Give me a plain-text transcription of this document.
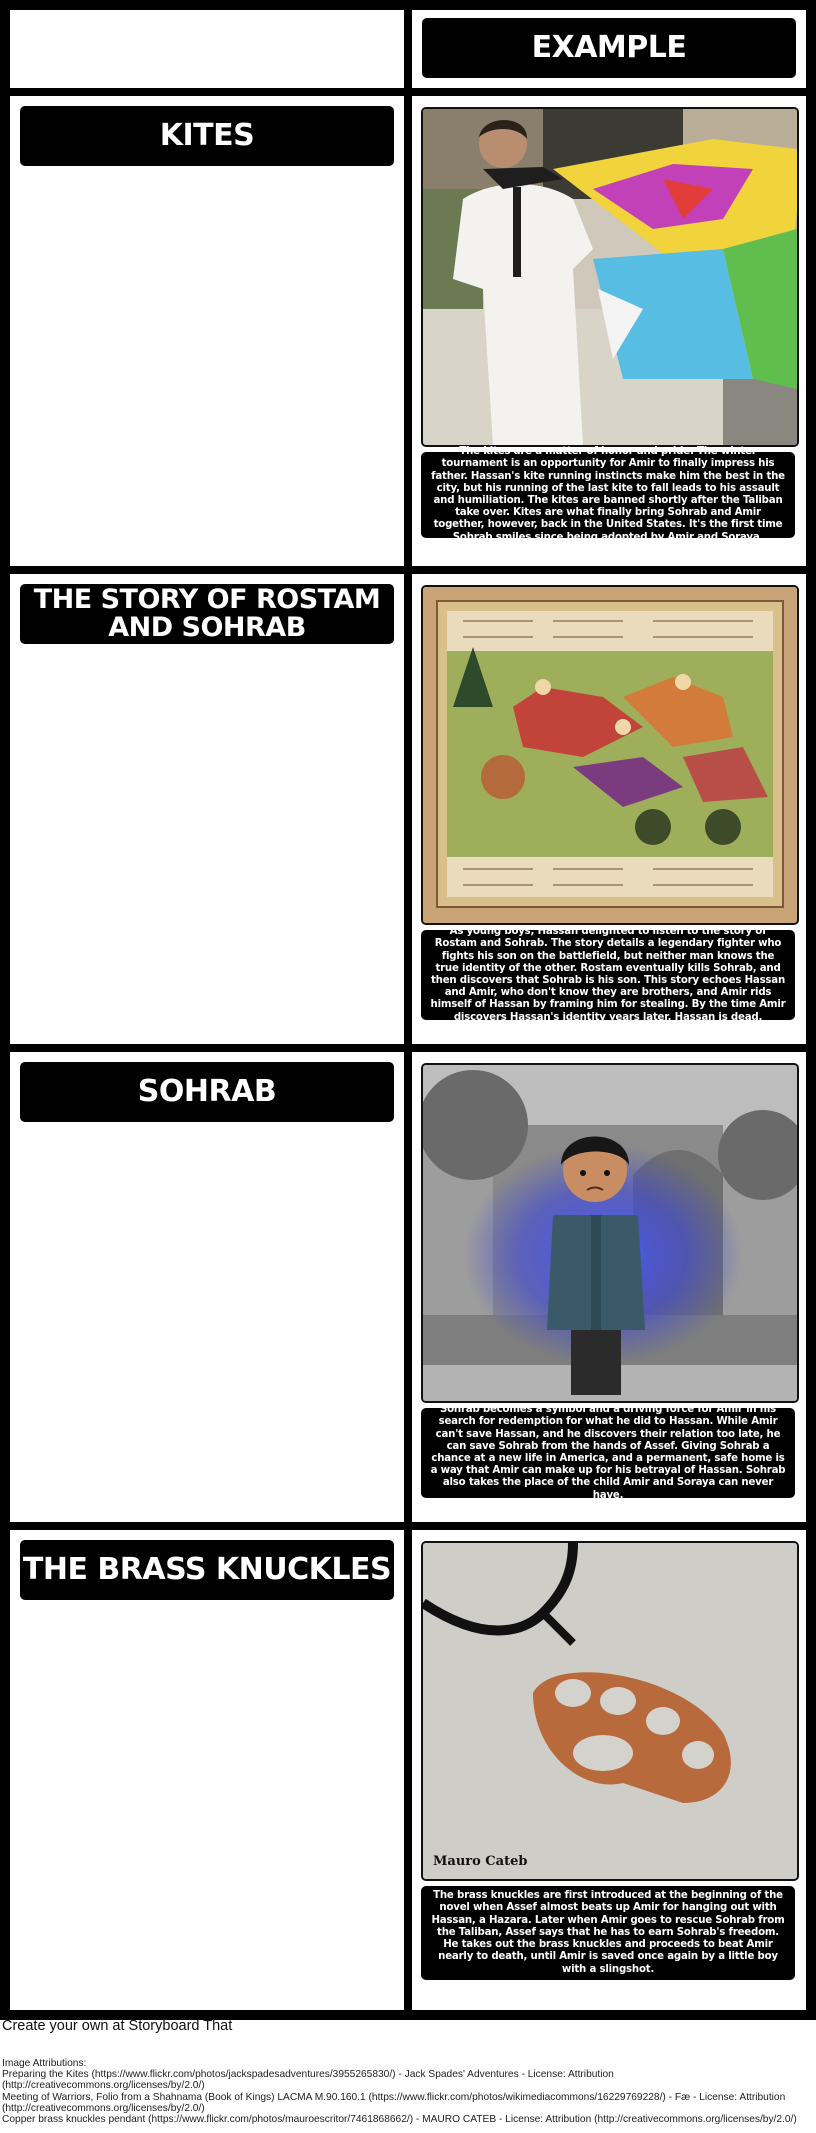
EXAMPLE
KITES
The kites are a matter of honor and pride. The winter tournament is an opportunity for Amir to finally impress his father. Hassan's kite running instincts make him the best in the city, but his running of the last kite to fall leads to his assault and humiliation. The kites are banned shortly after the Taliban take over. Kites are what finally bring Sohrab and Amir together, however, back in the United States. It's the first time Sohrab smiles since being adopted by Amir and Soraya.
THE STORY OF ROSTAM AND SOHRAB
As young boys, Hassan delighted to listen to the story of Rostam and Sohrab. The story details a legendary fighter who fights his son on the battlefield, but neither man knows the true identity of the other. Rostam eventually kills Sohrab, and then discovers that Sohrab is his son. This story echoes Hassan and Amir, who don't know they are brothers, and Amir rids himself of Hassan by framing him for stealing. By the time Amir discovers Hassan's identity years later, Hassan is dead.
SOHRAB
Sohrab becomes a symbol and a driving force for Amir in his search for redemption for what he did to Hassan. While Amir can't save Hassan, and he discovers their relation too late, he can save Sohrab from the hands of Assef. Giving Sohrab a chance at a new life in America, and a permanent, safe home is a way that Amir can make up for his betrayal of Hassan. Sohrab also takes the place of the child Amir and Soraya can never have.
THE BRASS KNUCKLES
Mauro Cateb
The brass knuckles are first introduced at the beginning of the novel when Assef almost beats up Amir for hanging out with Hassan, a Hazara. Later when Amir goes to rescue Sohrab from the Taliban, Assef says that he has to earn Sohrab's freedom. He takes out the brass knuckles and proceeds to beat Amir nearly to death, until Amir is saved once again by a little boy with a slingshot.
Create your own at Storyboard That
Image Attributions:
Preparing the Kites (https://www.flickr.com/photos/jackspadesadventures/3955265830/) - Jack Spades' Adventures - License: Attribution (http://creativecommons.org/licenses/by/2.0/)
Meeting of Warriors, Folio from a Shahnama (Book of Kings) LACMA M.90.160.1 (https://www.flickr.com/photos/wikimediacommons/16229769228/) - Fæ - License: Attribution (http://creativecommons.org/licenses/by/2.0/)
Copper brass knuckles pendant (https://www.flickr.com/photos/mauroescritor/7461868662/) - MAURO CATEB - License: Attribution (http://creativecommons.org/licenses/by/2.0/)
